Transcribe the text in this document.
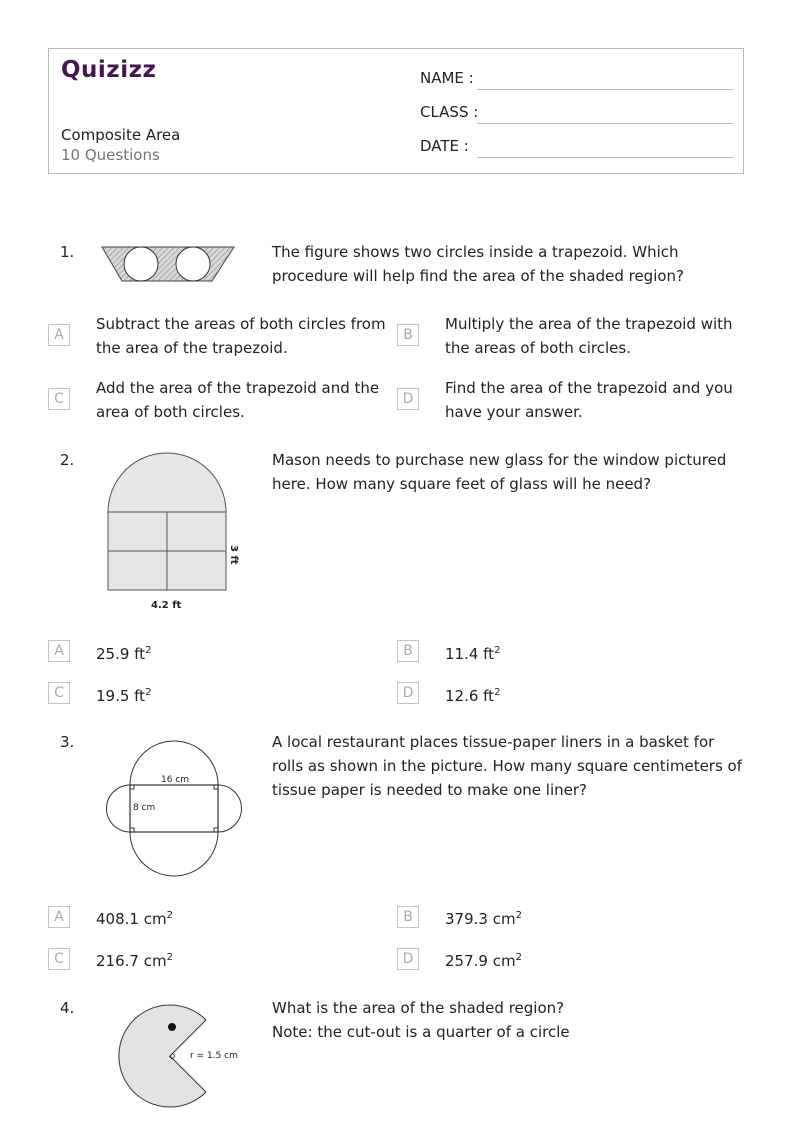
Quizizz
Composite Area
10 Questions
NAME :
CLASS :
DATE :
1.	The figure shows two circles inside a trapezoid. Which procedure will help find the area of the shaded region?
A
Subtract the areas of both circles from the area of the trapezoid.
B
Multiply the area of the trapezoid with the areas of both circles.
C
Add the area of the trapezoid and the area of both circles.
D
Find the area of the trapezoid and you have your answer.
2.
4.2 ft
3 ft
Mason needs to purchase new glass for the window pictured here. How many square feet of glass will he need?
A	25.9 $ft^2$	B	11.4 $ft^2$
C	19.5 $ft^2$	D	12.6 $ft^2$
3.
16 cm
8 cm
A local restaurant places tissue-paper liners in a basket for rolls as shown in the picture. How many square centimeters of tissue paper is needed to make one liner?
A	408.1 $cm^2$	B	379.3 $cm^2$
C	216.7 $cm^2$	D	257.9 $cm^2$
4.
r = 1.5 cm
What is the area of the shaded region?
Note: the cut-out is a quarter of a circle
